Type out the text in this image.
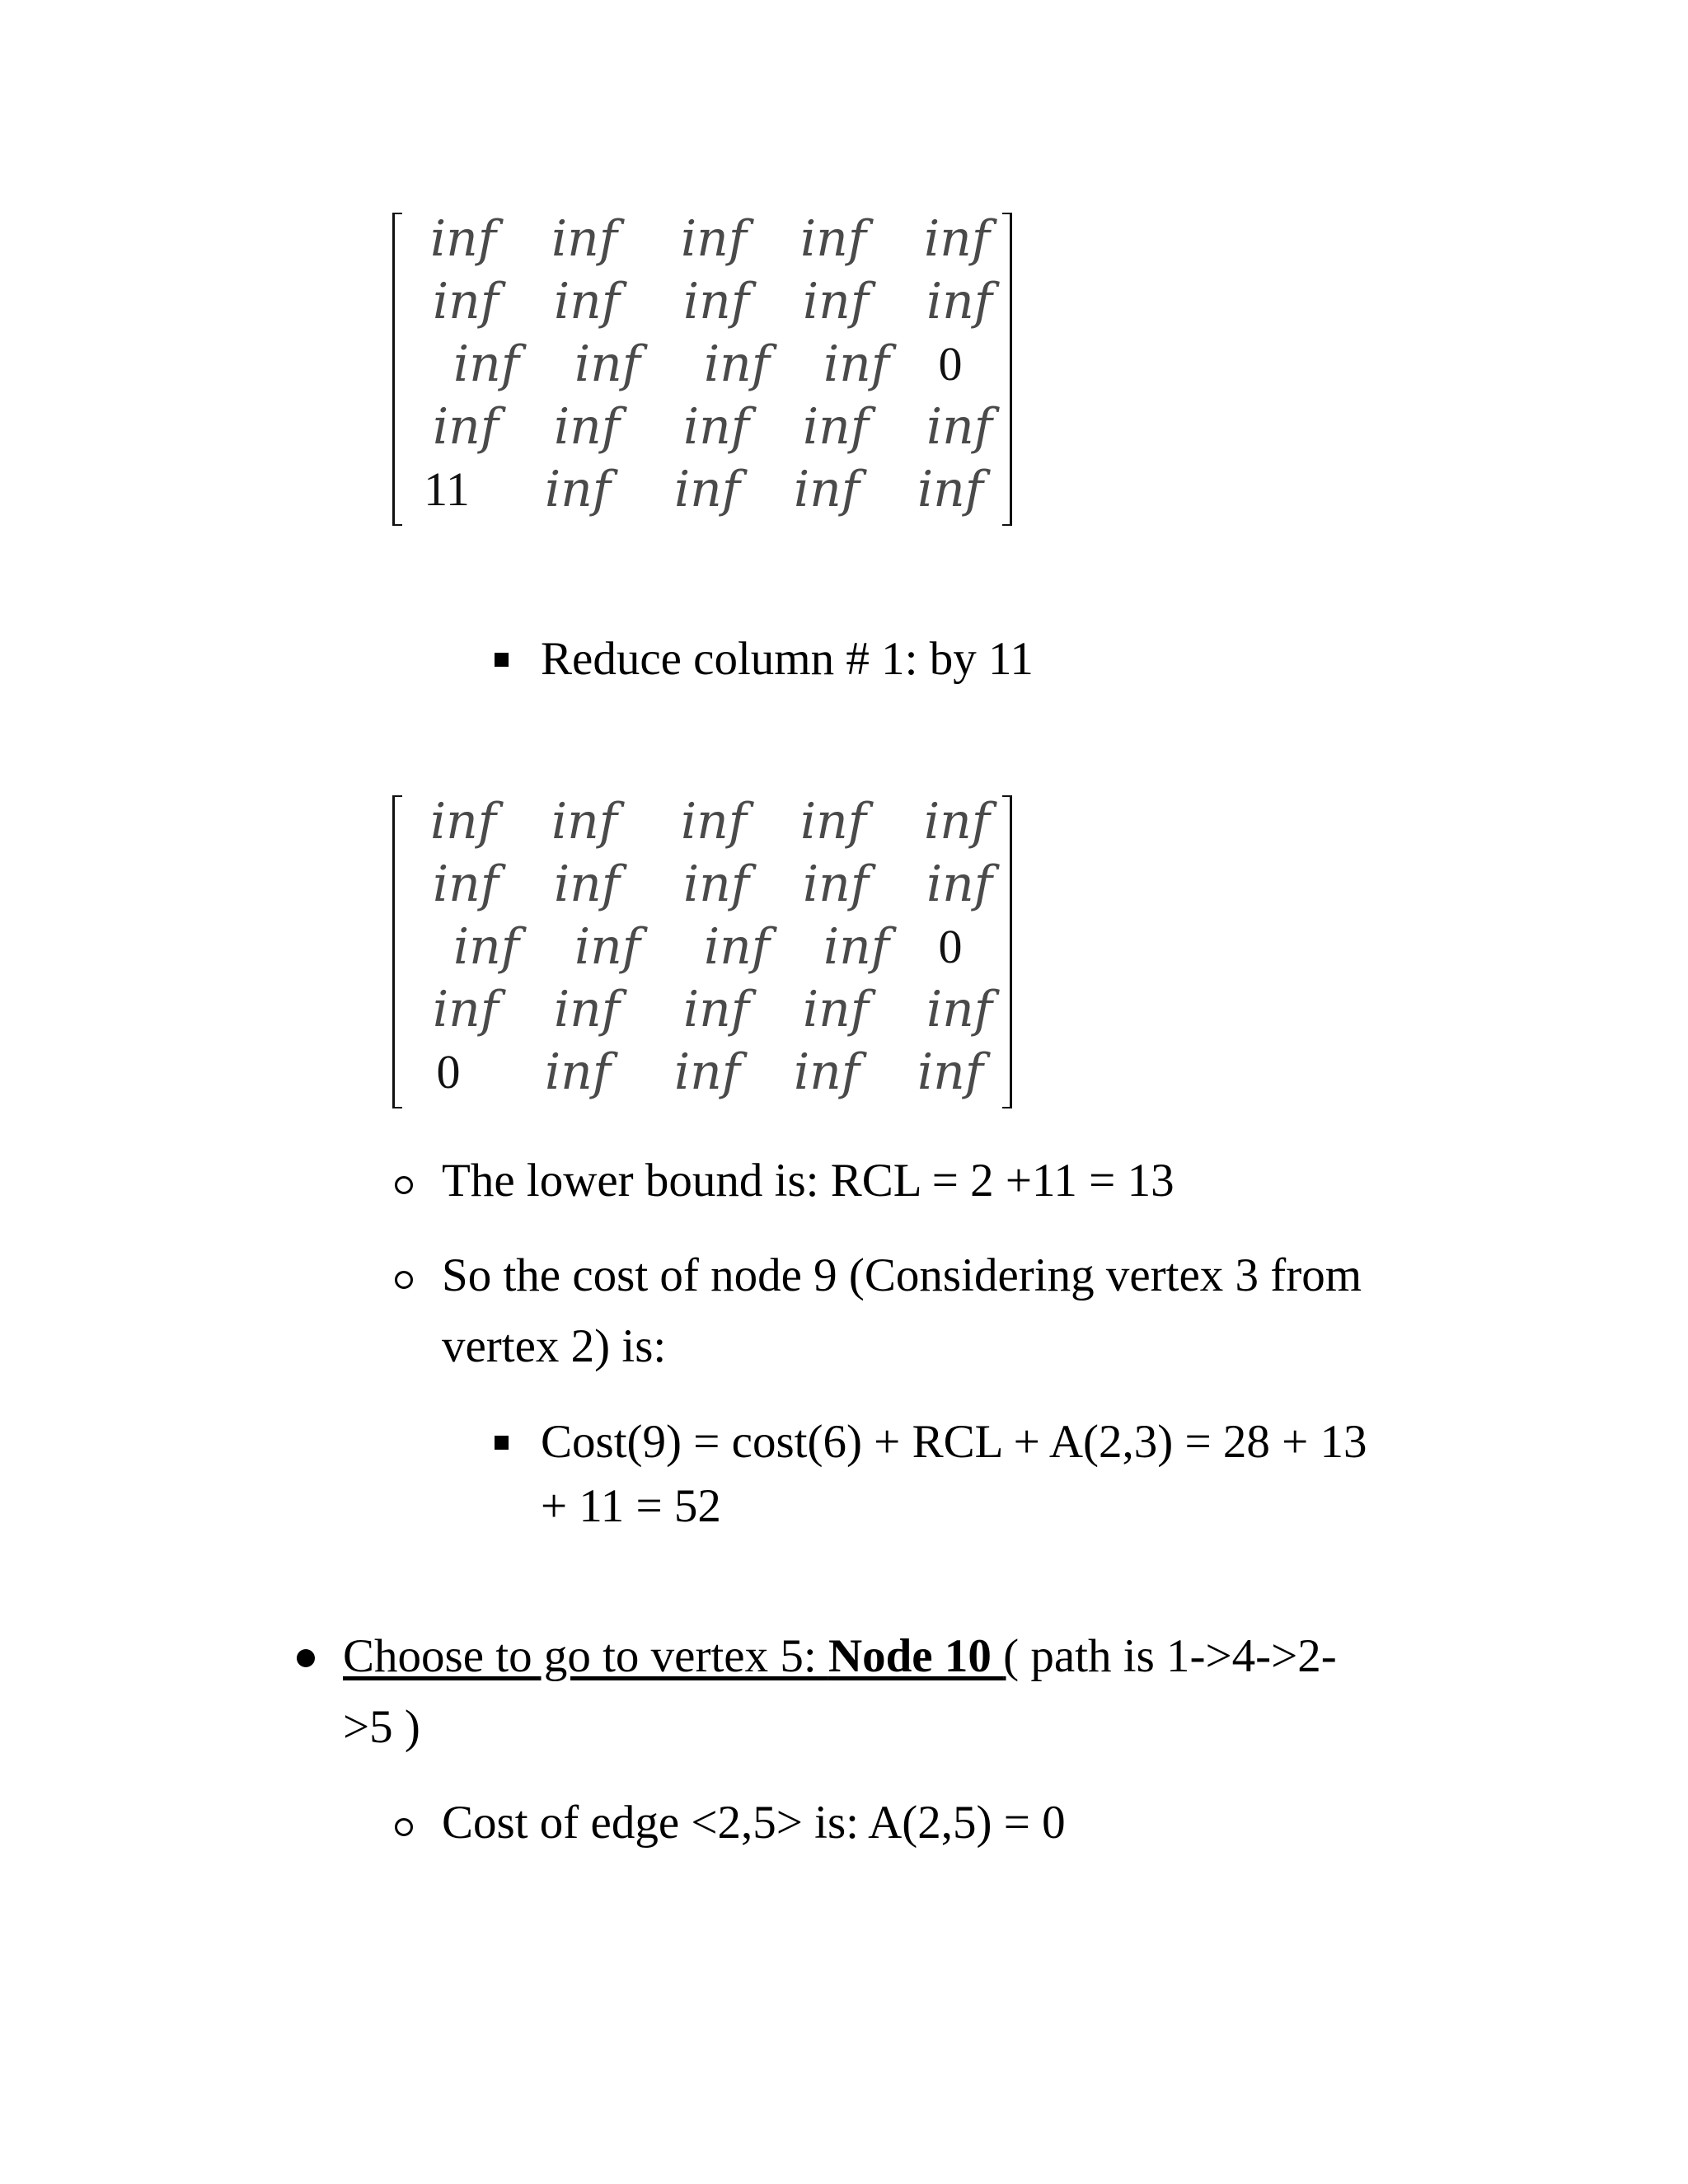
inf inf inf inf inf
inf inf inf inf inf
inf inf inf inf 0
inf inf inf inf inf
11 inf inf inf inf
Reduce column # 1: by 11
inf inf inf inf inf
inf inf inf inf inf
inf inf inf inf 0
inf inf inf inf inf
0 inf inf inf inf
The lower bound is: RCL = 2 +11 = 13
So the cost of node 9 (Considering vertex 3 from
vertex 2) is:
Cost(9) = cost(6) + RCL + A(2,3) = 28 + 13
+ 11 = 52
Choose to go to vertex 5: Node 10 ( path is 1->4->2-
>5 )
Cost of edge <2,5> is: A(2,5) = 0
